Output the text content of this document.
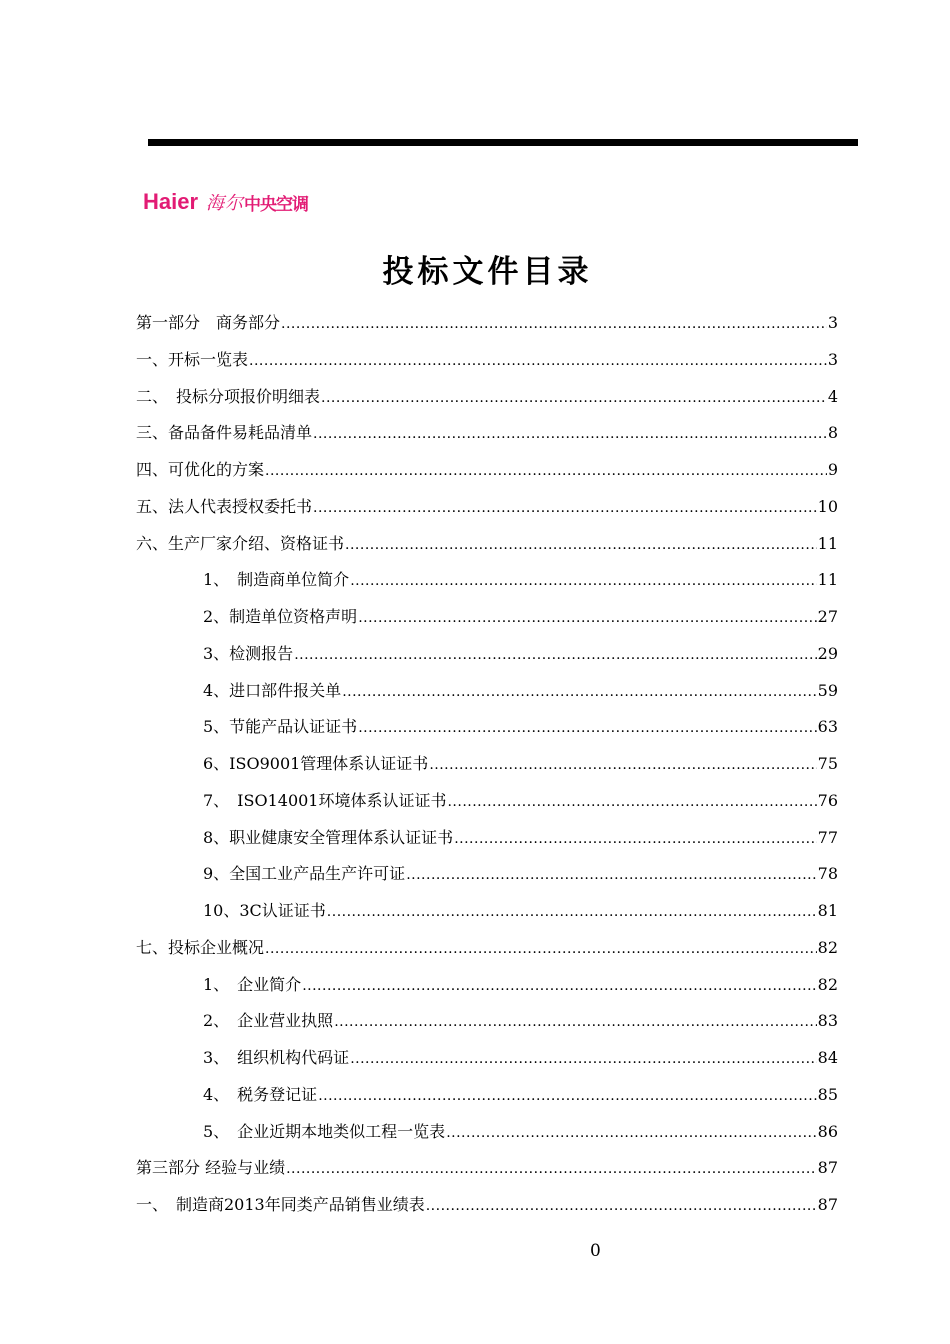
Haier 海尔 中央空调
投标文件目录
第一部分　商务部分 .....	3
一、开标一览表 .....	3
二、　投标分项报价明细表 .....	4
三、备品备件易耗品清单 .....	8
四、可优化的方案 .....	9
五、法人代表授权委托书 .....	10
六、生产厂家介绍、资格证书 .....	11
1、　制造商单位简介 .....	11
2、制造单位资格声明 .....	27
3、检测报告 .....	29
4、进口部件报关单 .....	59
5、节能产品认证证书 .....	63
6、ISO9001管理体系认证证书 .....	75
7、　ISO14001环境体系认证证书 .....	76
8、职业健康安全管理体系认证证书 .....	77
9、全国工业产品生产许可证 .....	78
10、3C认证证书 .....	81
七、投标企业概况 .....	82
1、　企业简介 .....	82
2、　企业营业执照 .....	83
3、　组织机构代码证 .....	84
4、　税务登记证 .....	85
5、　企业近期本地类似工程一览表 .....	86
第三部分 经验与业绩 .....	87
一、　制造商2013年同类产品销售业绩表 .....	87
0
